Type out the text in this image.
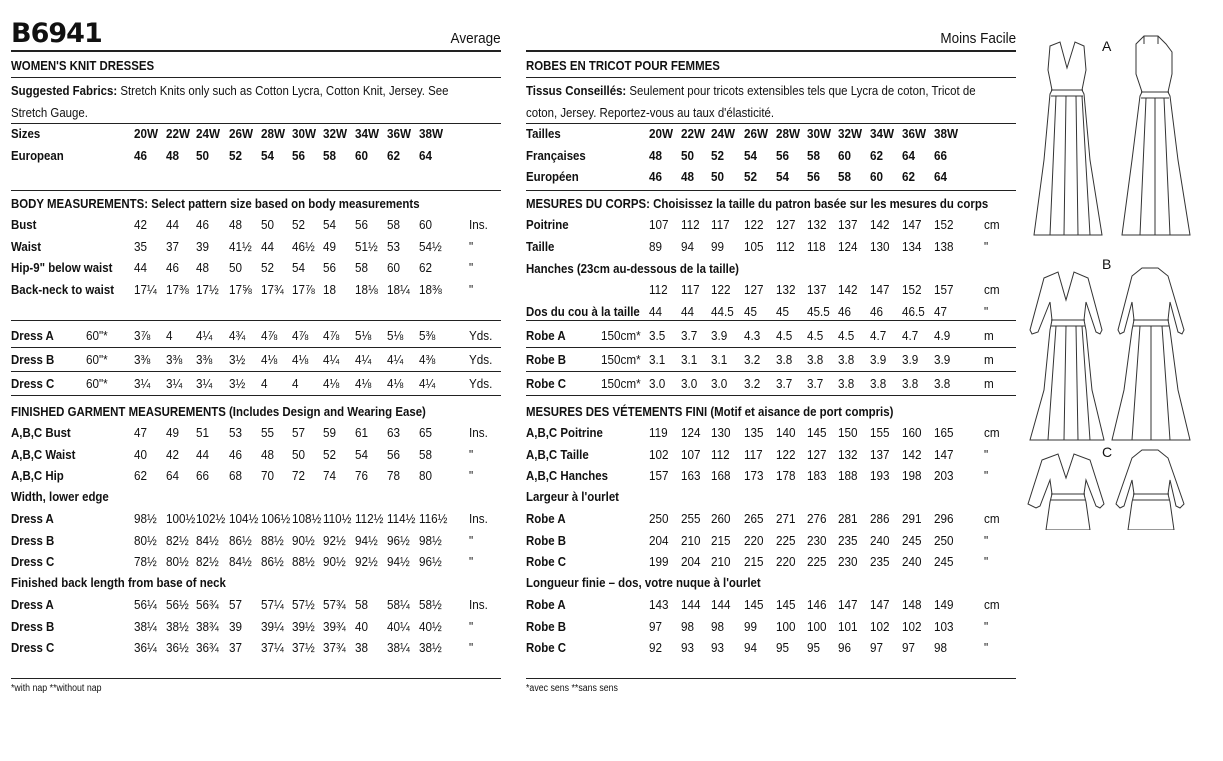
B6941	Average
WOMEN'S KNIT DRESSES
Suggested Fabrics: Stretch Knits only such as Cotton Lycra, Cotton Knit, Jersey. See Stretch Gauge.
Sizes	20W 22W 24W 26W 28W 30W 32W 34W 36W 38W
European	46 48 50 52 54 56 58 60 62 64
BODY MEASUREMENTS: Select pattern size based on body measurements
Bust	42 44 46 48 50 52 54 56 58 60	Ins.
Waist	35 37 39 41½ 44 46½ 49 51½ 53 54½ "
Hip-9" below waist 44 46 48 50 52 54 56 58 60 62	"
Back-neck to waist 17¼ 17⅜ 17½ 17⅝ 17¾ 17⅞ 18 18⅛ 18¼ 18⅜ "
Dress A 60"* 3⅞ 4 4¼ 4¾ 4⅞ 4⅞ 4⅞ 5⅛ 5⅛ 5⅜	Yds.
Dress B 60"* 3⅜ 3⅜ 3⅜ 3½ 4⅛ 4⅛ 4¼ 4¼ 4¼ 4⅜	Yds.
Dress C 60"* 3¼ 3¼ 3¼ 3½ 4 4 4⅛ 4⅛ 4⅛ 4¼	Yds.
FINISHED GARMENT MEASUREMENTS (Includes Design and Wearing Ease)
A,B,C Bust	47 49 51 53 55 57 59 61 63 65	Ins.
A,B,C Waist	40 42 44 46 48 50 52 54 56 58	"
A,B,C Hip	62 64 66 68 70 72 74 76 78 80	"
Width, lower edge
Dress A	98½ 100½ 102½ 104½ 106½ 108½ 110½ 112½ 114½ 116½ Ins.
Dress B	80½ 82½ 84½ 86½ 88½ 90½ 92½ 94½ 96½ 98½ "
Dress C	78½ 80½ 82½ 84½ 86½ 88½ 90½ 92½ 94½ 96½ "
Finished back length from base of neck
Dress A	56¼ 56½ 56¾ 57 57¼ 57½ 57¾ 58 58¼ 58½ Ins.
Dress B	38¼ 38½ 38¾ 39 39¼ 39½ 39¾ 40 40¼ 40½ "
Dress C	36¼ 36½ 36¾ 37 37¼ 37½ 37¾ 38 38¼ 38½ "
*with nap **without nap
Moins Facile
ROBES EN TRICOT POUR FEMMES
Tissus Conseillés: Seulement pour tricots extensibles tels que Lycra de coton, Tricot de coton, Jersey. Reportez-vous au taux d'élasticité.
Tailles	20W 22W 24W 26W 28W 30W 32W 34W 36W 38W
Françaises	48 50 52 54 56 58 60 62 64 66
Européen	46 48 50 52 54 56 58 60 62 64
MESURES DU CORPS: Choisissez la taille du patron basée sur les mesures du corps
Poitrine	107 112 117 122 127 132 137 142 147 152 cm
Taille	89 94 99 105 112 118 124 130 134 138 "
Hanches (23cm au-dessous de la taille)
112 117 122 127 132 137 142 147 152 157 cm
Dos du cou à la taille 44 44 44.5 45 45 45.5 46 46 46.5 47	"
Robe A	150cm* 3.5 3.7 3.9 4.3 4.5 4.5 4.5 4.7 4.7 4.9	m
Robe B	150cm* 3.1 3.1 3.1 3.2 3.8 3.8 3.8 3.9 3.9 3.9	m
Robe C	150cm* 3.0 3.0 3.0 3.2 3.7 3.7 3.8 3.8 3.8 3.8	m
MESURES DES VÉTEMENTS FINI (Motif et aisance de port compris)
A,B,C Poitrine	119 124 130 135 140 145 150 155 160 165 cm
A,B,C Taille	102 107 112 117 122 127 132 137 142 147 "
A,B,C Hanches	157 163 168 173 178 183 188 193 198 203 "
Largeur à l'ourlet
Robe A	250 255 260 265 271 276 281 286 291 296 cm
Robe B	204 210 215 220 225 230 235 240 245 250 "
Robe C	199 204 210 215 220 225 230 235 240 245 "
Longueur finie – dos, votre nuque à l'ourlet
Robe A	143 144 144 145 145 146 147 147 148 149 cm
Robe B	97 98 98 99 100 100 101 102 102 103 "
Robe C	92 93 93 94 95 95 96 97 97 98	"
*avec sens **sans sens
A
B
C
